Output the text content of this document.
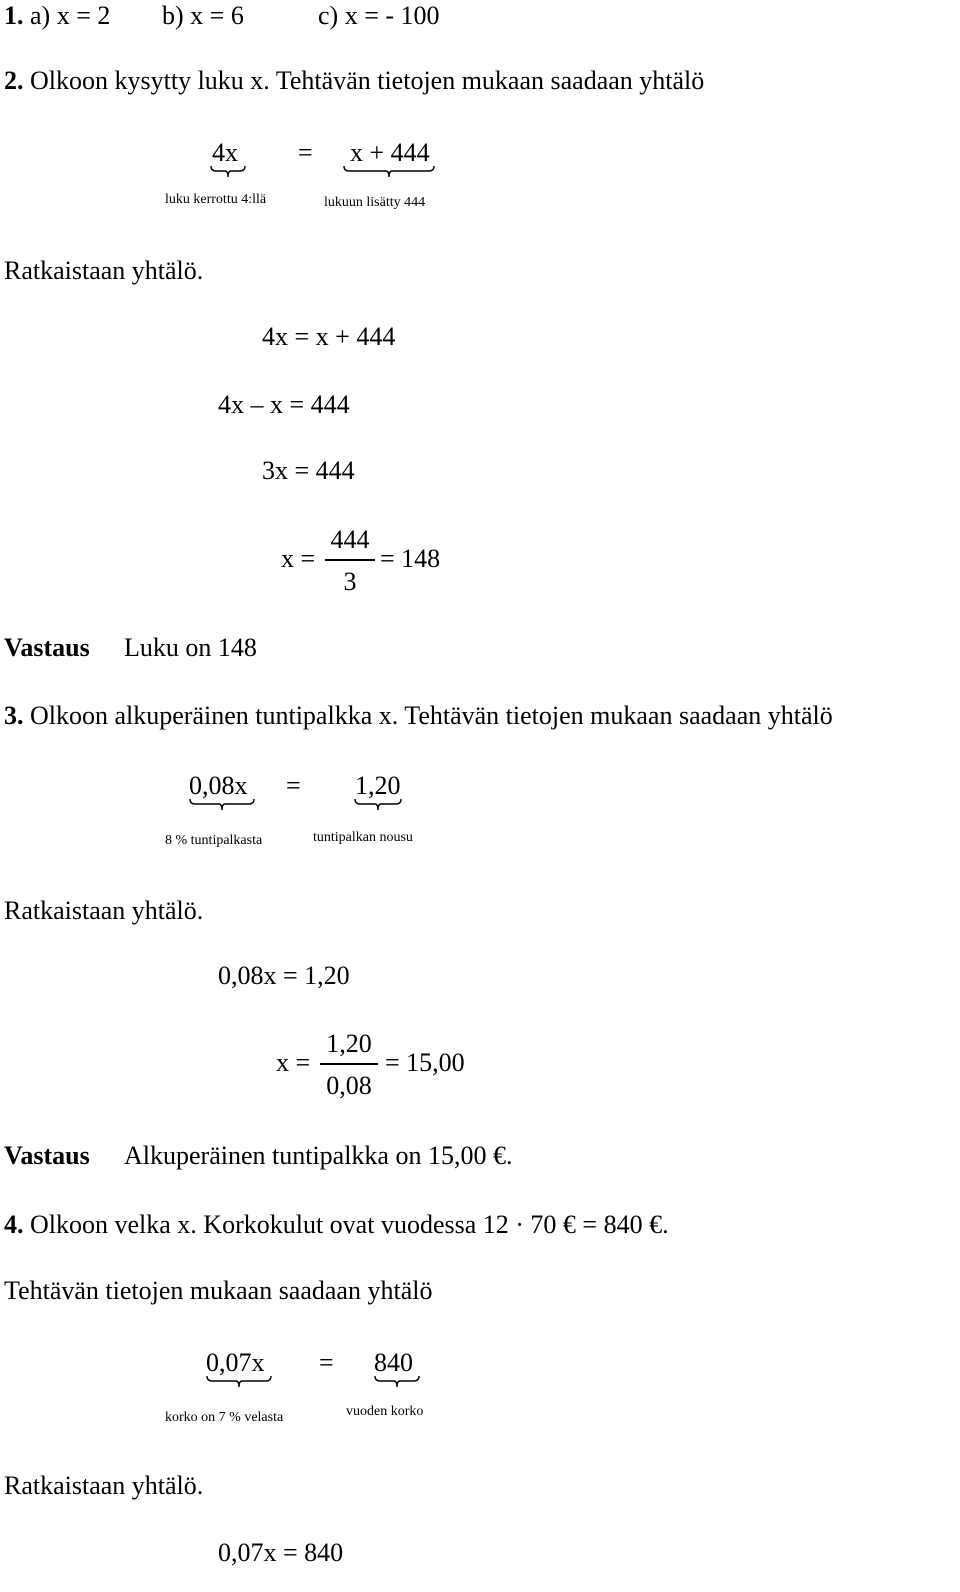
1. a) x = 2 b) x = 6	c) x = - 100
2. Olkoon kysytty luku x. Tehtävän tietojen mukaan saadaan yhtälö
4x = x + 444
luku kerrottu 4:llä	lukuun lisätty 444
Ratkaistaan yhtälö.
4x = x + 444
4x – x = 444
3x = 444
x =
444
3
= 148
Vastaus Luku on 148
3. Olkoon alkuperäinen tuntipalkka x. Tehtävän tietojen mukaan saadaan yhtälö
0,08x = 1,20
8 % tuntipalkasta	tuntipalkan nousu
Ratkaistaan yhtälö.
0,08x = 1,20
x =
1,20
0,08
= 15,00
Vastaus Alkuperäinen tuntipalkka on 15,00 €.
4. Olkoon velka x. Korkokulut ovat vuodessa 12 · 70 € = 840 €.
Tehtävän tietojen mukaan saadaan yhtälö
0,07x = 840
korko on 7 % velasta	vuoden korko
Ratkaistaan yhtälö.
0,07x = 840
